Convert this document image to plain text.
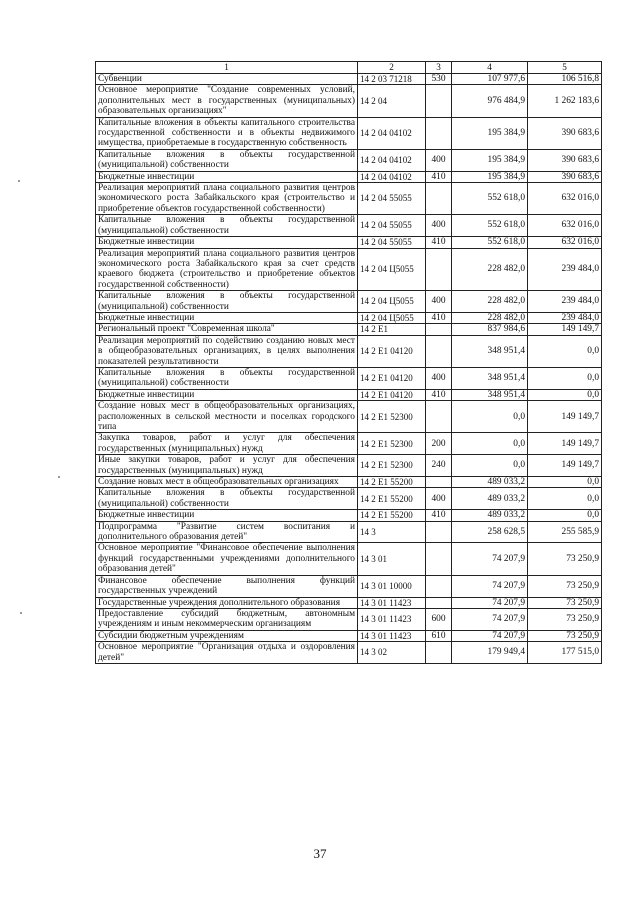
1	2	3	4	5
Субвенции	14 2 03 71218	530	107 977,6	106 516,8
Основное мероприятие "Создание современных условий, дополнительных мест в государственных (муниципальных) образовательных организациях"	14 2 04		976 484,9	1 262 183,6
Капитальные вложения в объекты капитального строительства государственной собственности и в объекты недвижимого имущества, приобретаемые в государственную собственность	14 2 04 04102		195 384,9	390 683,6
Капитальные вложения в объекты государственной (муниципальной) собственности	14 2 04 04102	400	195 384,9	390 683,6
Бюджетные инвестиции	14 2 04 04102	410	195 384,9	390 683,6
Реализация мероприятий плана социального развития центров экономического роста Забайкальского края (строительство и приобретение объектов государственной собственности)	14 2 04 55055		552 618,0	632 016,0
Капитальные вложения в объекты государственной (муниципальной) собственности	14 2 04 55055	400	552 618,0	632 016,0
Бюджетные инвестиции	14 2 04 55055	410	552 618,0	632 016,0
Реализация мероприятий плана социального развития центров экономического роста Забайкальского края за счет средств краевого бюджета (строительство и приобретение объектов государственной собственности)	14 2 04 Ц5055		228 482,0	239 484,0
Капитальные вложения в объекты государственной (муниципальной) собственности	14 2 04 Ц5055	400	228 482,0	239 484,0
Бюджетные инвестиции	14 2 04 Ц5055	410	228 482,0	239 484,0
Региональный проект "Современная школа"	14 2 Е1		837 984,6	149 149,7
Реализация мероприятий по содействию созданию новых мест в общеобразовательных организациях, в целях выполнения показателей результативности	14 2 Е1 04120		348 951,4	0,0
Капитальные вложения в объекты государственной (муниципальной) собственности	14 2 Е1 04120	400	348 951,4	0,0
Бюджетные инвестиции	14 2 Е1 04120	410	348 951,4	0,0
Создание новых мест в общеобразовательных организациях, расположенных в сельской местности и поселках городского типа	14 2 Е1 52300		0,0	149 149,7
Закупка товаров, работ и услуг для обеспечения государственных (муниципальных) нужд	14 2 Е1 52300	200	0,0	149 149,7
Иные закупки товаров, работ и услуг для обеспечения государственных (муниципальных) нужд	14 2 Е1 52300	240	0,0	149 149,7
Создание новых мест в общеобразовательных организациях	14 2 Е1 55200		489 033,2	0,0
Капитальные вложения в объекты государственной (муниципальной) собственности	14 2 Е1 55200	400	489 033,2	0,0
Бюджетные инвестиции	14 2 Е1 55200	410	489 033,2	0,0
Подпрограмма "Развитие систем воспитания и дополнительного образования детей"	14 3		258 628,5	255 585,9
Основное мероприятие "Финансовое обеспечение выполнения функций государственными учреждениями дополнительного образования детей"	14 3 01		74 207,9	73 250,9
Финансовое обеспечение выполнения функций государственных учреждений	14 3 01 10000		74 207,9	73 250,9
Государственные учреждения дополнительного образования	14 3 01 11423		74 207,9	73 250,9
Предоставление субсидий бюджетным, автономным учреждениям и иным некоммерческим организациям	14 3 01 11423	600	74 207,9	73 250,9
Субсидии бюджетным учреждениям	14 3 01 11423	610	74 207,9	73 250,9
Основное мероприятие "Организация отдыха и оздоровления детей"	14 3 02		179 949,4	177 515,0
37
